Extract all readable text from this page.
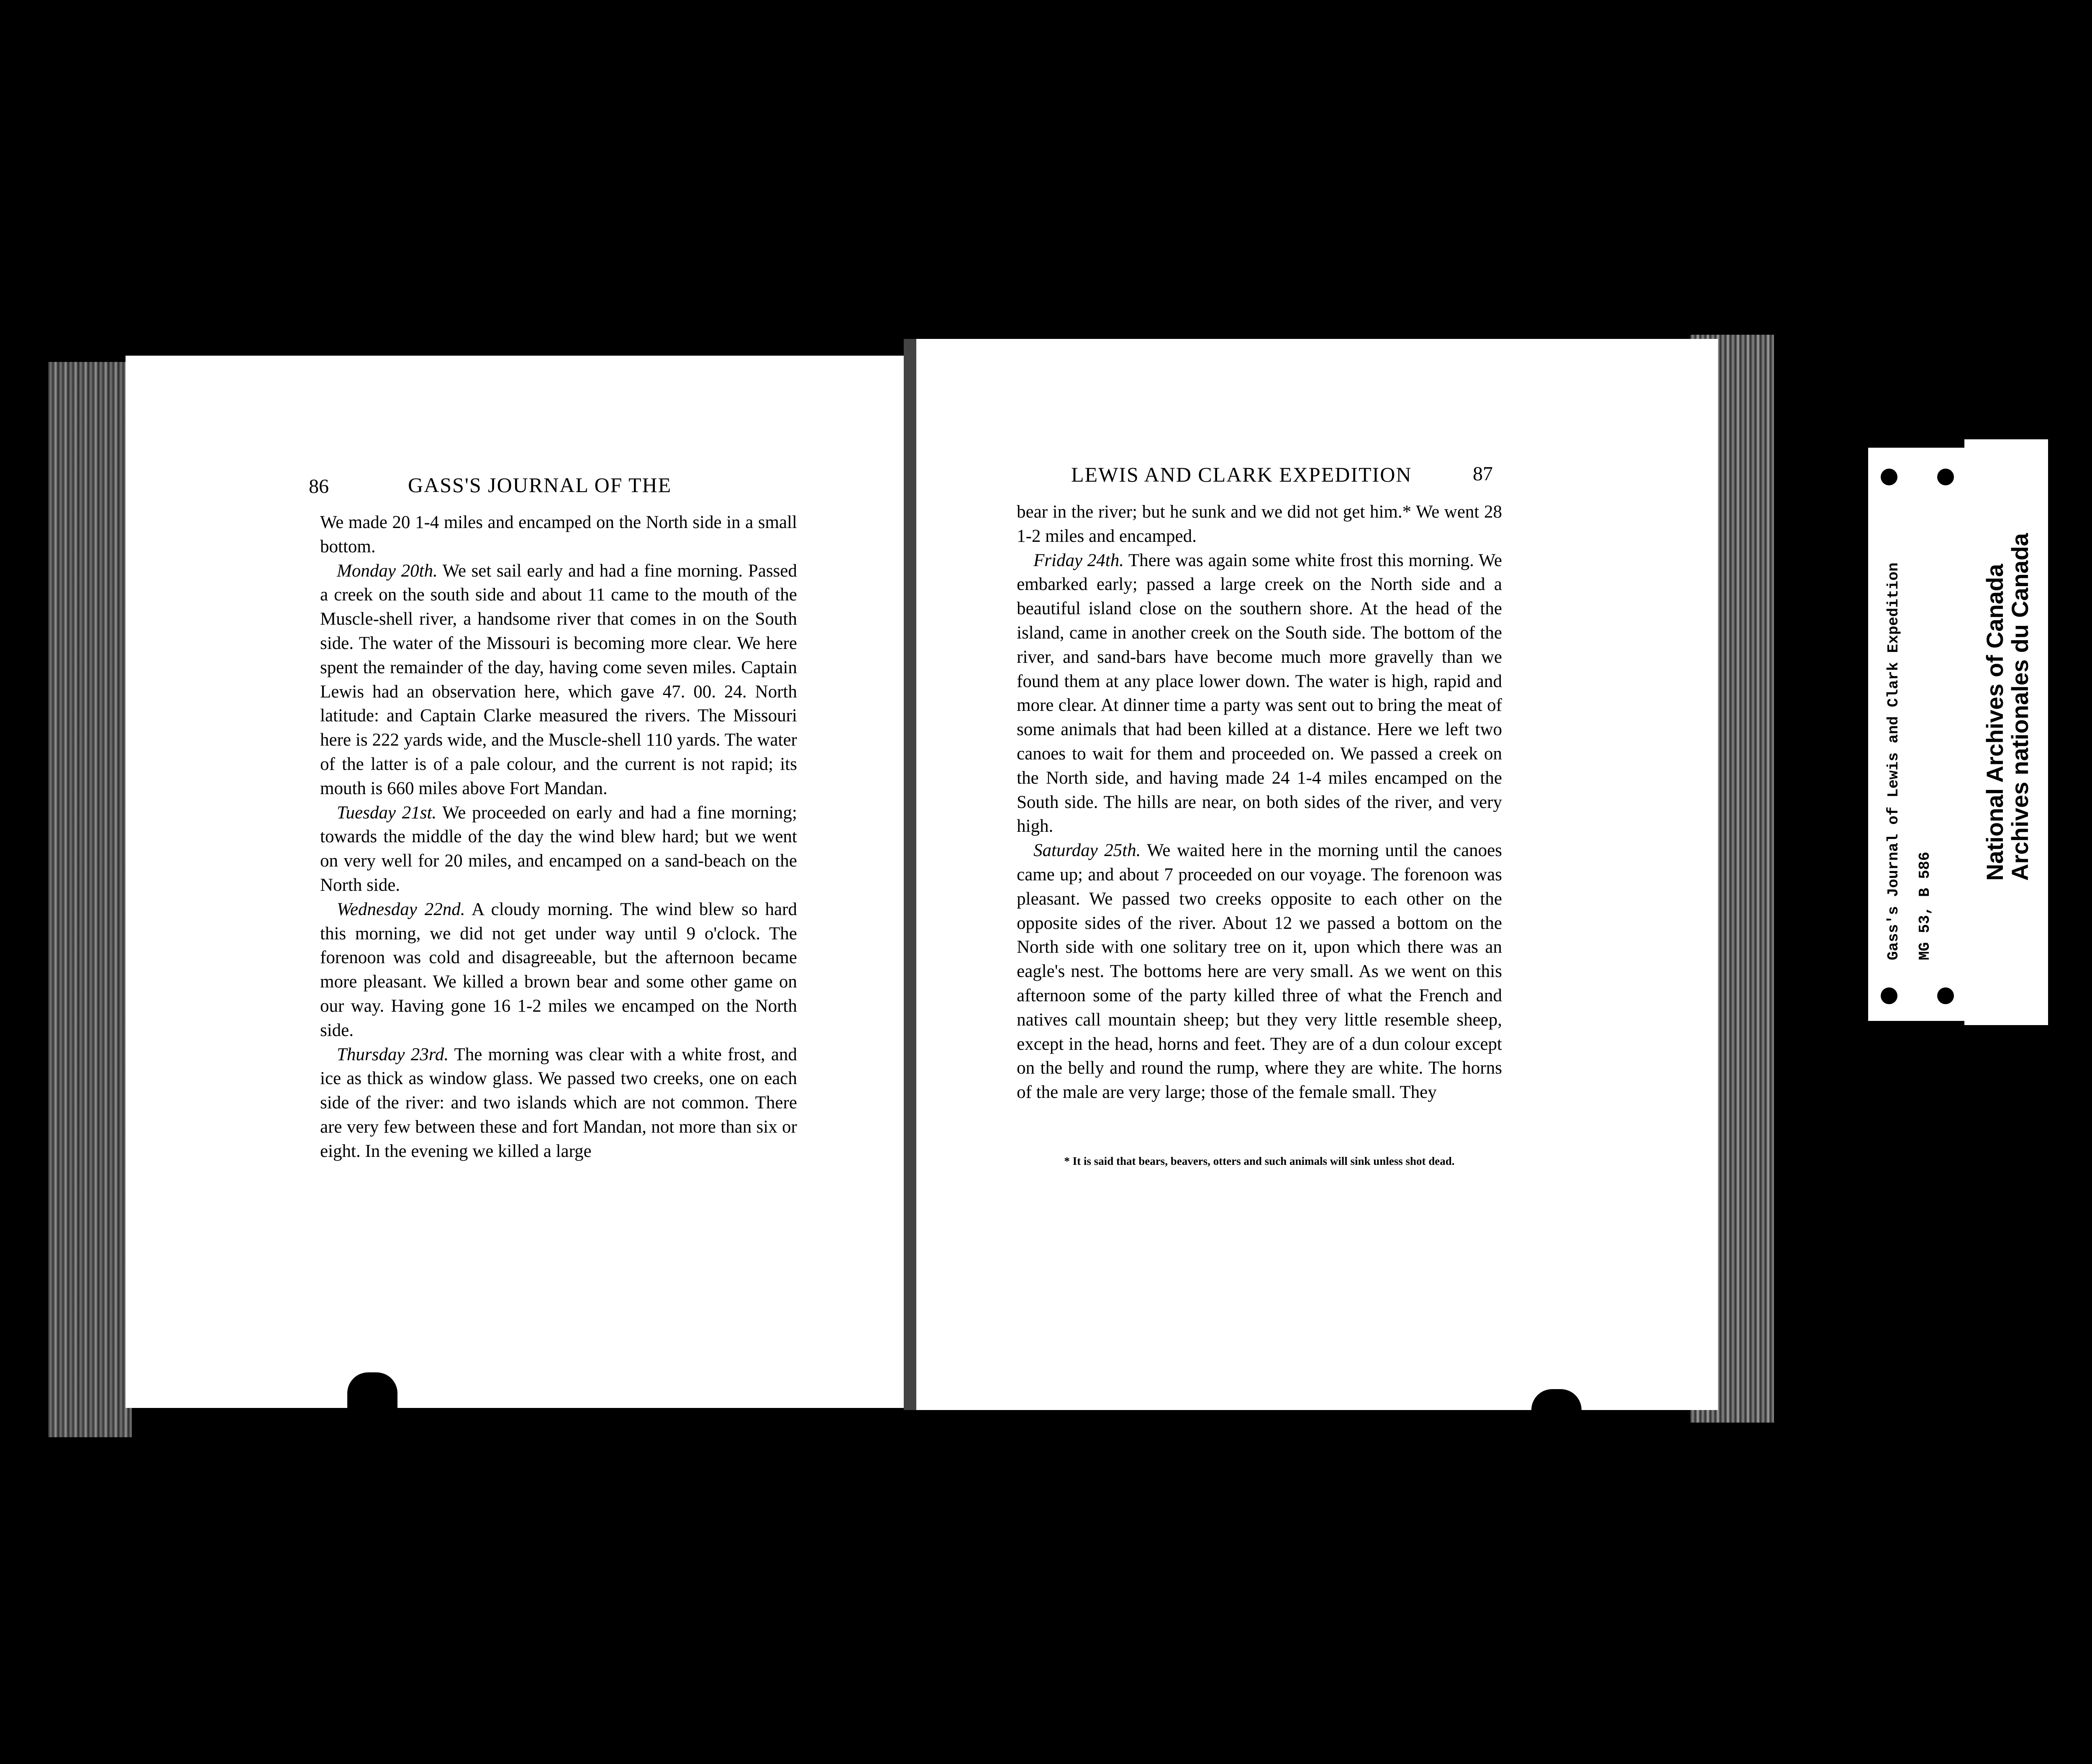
86	GASS'S JOURNAL OF THE	LEWIS AND CLARK EXPEDITION	87

We made 20 1-4 miles and encamped on the North side in a small bottom.

Monday 20th. We set sail early and had a fine morning. Passed a creek on the south side and about 11 came to the mouth of the Muscle-shell river, a handsome river that comes in on the South side. The water of the Missouri is becoming more clear. We here spent the remainder of the day, having come seven miles. Captain Lewis had an observation here, which gave 47. 00. 24. North latitude: and Captain Clarke measured the rivers. The Missouri here is 222 yards wide, and the Muscle-shell 110 yards. The water of the latter is of a pale colour, and the current is not rapid; its mouth is 660 miles above Fort Mandan.

Tuesday 21st. We proceeded on early and had a fine morning; towards the middle of the day the wind blew hard; but we went on very well for 20 miles, and encamped on a sand-beach on the North side.

Wednesday 22nd. A cloudy morning. The wind blew so hard this morning, we did not get under way until 9 o'clock. The forenoon was cold and disagreeable, but the afternoon became more pleasant. We killed a brown bear and some other game on our way. Having gone 16 1-2 miles we encamped on the North side.

Thursday 23rd. The morning was clear with a white frost, and ice as thick as window glass. We passed two creeks, one on each side of the river: and two islands which are not common. There are very few between these and fort Mandan, not more than six or eight. In the evening we killed a large

bear in the river; but he sunk and we did not get him.* We went 28 1-2 miles and encamped.

Friday 24th. There was again some white frost this morning. We embarked early; passed a large creek on the North side and a beautiful island close on the southern shore. At the head of the island, came in another creek on the South side. The bottom of the river, and sand-bars have become much more gravelly than we found them at any place lower down. The water is high, rapid and more clear. At dinner time a party was sent out to bring the meat of some animals that had been killed at a distance. Here we left two canoes to wait for them and proceeded on. We passed a creek on the North side, and having made 24 1-4 miles encamped on the South side. The hills are near, on both sides of the river, and very high.

Saturday 25th. We waited here in the morning until the canoes came up; and about 7 proceeded on our voyage. The forenoon was pleasant. We passed two creeks opposite to each other on the opposite sides of the river. About 12 we passed a bottom on the North side with one solitary tree on it, upon which there was an eagle's nest. The bottoms here are very small. As we went on this afternoon some of the party killed three of what the French and natives call mountain sheep; but they very little resemble sheep, except in the head, horns and feet. They are of a dun colour except on the belly and round the rump, where they are white. The horns of the male are very large; those of the female small. They

* It is said that bears, beavers, otters and such animals will sink unless shot dead.
Gass's Journal of Lewis and Clark Expedition MG 53, B 586
National Archives of Canada
Archives nationales du Canada
